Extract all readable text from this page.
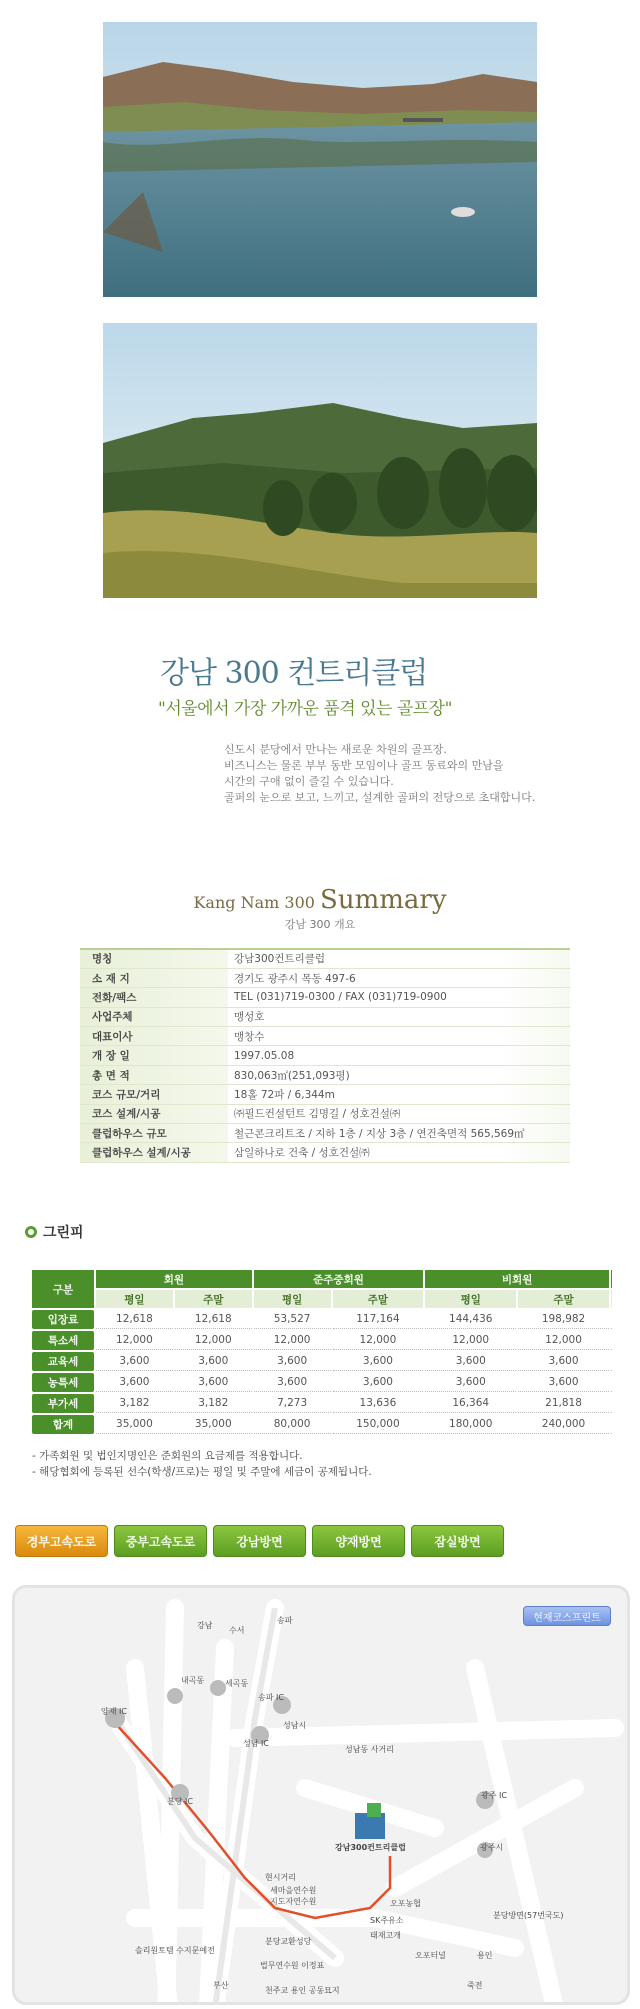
강남 300 컨트리클럽
"서울에서 가장 가까운 품격 있는 골프장"
신도시 분당에서 만나는 새로운 차원의 골프장.
비즈니스는 물론 부부 동반 모임이나 골프 동료와의 만남을
시간의 구애 없이 즐길 수 있습니다.
골퍼의 눈으로 보고, 느끼고, 설계한 골퍼의 전당으로 초대합니다.
Kang Nam 300 Summary
강남 300 개요
명칭	강남300컨트리클럽
소 재 지	경기도 광주시 목동 497-6
전화/팩스	TEL (031)719-0300 / FAX (031)719-0900
사업주체	맹성호
대표이사	맹창수
개 장 일	1997.05.08
총 면 적	830,063㎡(251,093평)
코스 규모/거리	18홀 72파 / 6,344m
코스 설계/시공	㈜필드컨설턴트 김명길 / 성호건설㈜
클럽하우스 규모	철근콘크리트조 / 지하 1층 / 지상 3층 / 연건축면적 565,569㎡
클럽하우스 설계/시공	삼일하나로 건축 / 성호건설㈜
그린피
구분	회원		준주중회원		비회원		
	평일	주말	평일	주말	평일	주말	
입장료	12,618	12,618	53,527	117,164	144,436	198,982	
특소세	12,000	12,000	12,000	12,000	12,000	12,000	
교육세	3,600	3,600	3,600	3,600	3,600	3,600	
농특세	3,600	3,600	3,600	3,600	3,600	3,600	
부가세	3,182	3,182	7,273	13,636	16,364	21,818	
합계	35,000	35,000	80,000	150,000	180,000	240,000	
- 가족회원 및 법인지명인은 준회원의 요금제를 적용합니다.
- 해당협회에 등록된 선수(학생/프로)는 평일 및 주말에 세금이 공제됩니다.
경부고속도로	중부고속도로	강남방면	양재방면	잠실방면
현재코스프린트
양재 IC
분당 IC
송파 IC
성남 IC
광주 IC
강남300컨트리클럽
성남동 사거리
현시거리
세마을연수원
지도자연수원
분당교환성당
SK주유소
태재고개
오포농협
오포터널
성남시
광주시
분당방면(57번국도)
용인
죽전
부산
법무연수원 이정표
천주교 용인 공동묘지
솔리원토템 수지문예전
내곡동	세곡동
강남
수서
송파
